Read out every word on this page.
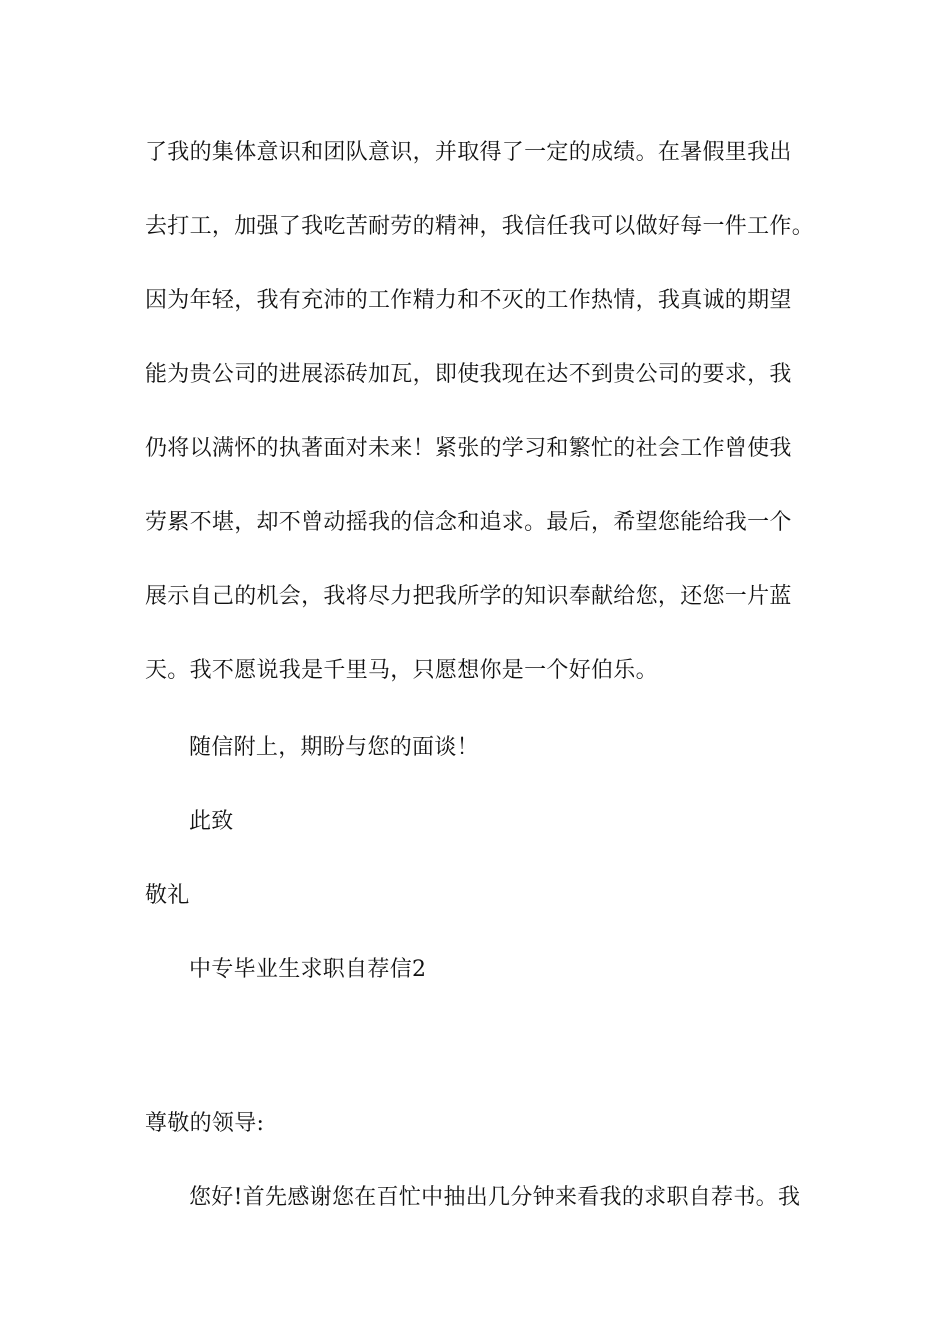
了我的集体意识和团队意识，并取得了一定的成绩。在暑假里我出
去打工，加强了我吃苦耐劳的精神，我信任我可以做好每一件工作。
因为年轻，我有充沛的工作精力和不灭的工作热情，我真诚的期望
能为贵公司的进展添砖加瓦，即使我现在达不到贵公司的要求，我
仍将以满怀的执著面对未来！紧张的学习和繁忙的社会工作曾使我
劳累不堪，却不曾动摇我的信念和追求。最后，希望您能给我一个
展示自己的机会，我将尽力把我所学的知识奉献给您，还您一片蓝
天。我不愿说我是千里马，只愿想你是一个好伯乐。
随信附上，期盼与您的面谈！
此致
敬礼
中专毕业生求职自荐信2
尊敬的领导:
您好!首先感谢您在百忙中抽出几分钟来看我的求职自荐书。我
